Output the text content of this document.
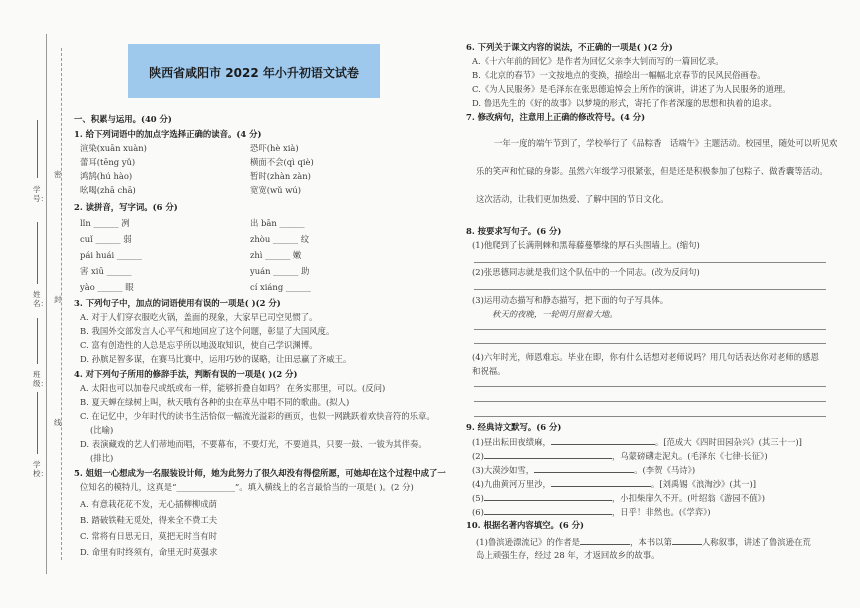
密
封
线
学号：
姓名：
班级：
学校：
陕西省咸阳市 2022 年小升初语文试卷
一、积累与运用。(40 分)
1. 给下列词语中的加点字选择正确的读音。(4 分)
渲染(xuān xuàn)	恐吓(hè xià)
蕾耳(tēng yǔ)	横面不会(qì qiè)
鸿鹄(hú hào)	暂时(zhàn zàn)
吆喝(zhā chā)	宽宽(wǔ wú)
2. 读拼音，写字词。(6 分)
lǐn ______ 冽	出 bān ______
cuǐ ______ 弱	zhòu ______ 纹
pái huái ______	zhì ______ 嫩
害 xiū ______	yuán ______ 助
yào ______ 眼	cí xiáng ______
3. 下列句子中，加点的词语使用有误的一项是( )(2 分)
A. 对于人们穿衣服吃火锅，盖面的现象，大家早已司空见惯了。
B. 我国外交部发言人心平气和地回应了这个问题，彰显了大国风度。
C. 富有创造性的人总是忘乎所以地汲取知识，使自己学识渊博。
D. 孙膑足智多谋，在赛马比赛中，运用巧妙的谋略，让田忌赢了齐威王。
4. 对下列句子所用的修辞手法，判断有误的一项是( )(2 分)
A. 太阳也可以加卷尺或纸或布一样，能够折叠自如吗？ 在务实那里，可以。(反问)
B. 夏天蝉在绿树上叫，秋天哦有各种的虫在草丛中唱不同的歌曲。(拟人)
C. 在记忆中，少年时代的读书生活恰似一幅流光溢彩的画页，也似一网跳跃着欢快音符的乐章。
(比喻)
D. 表演藏戏的艺人们蒂地而唱，不要幕布，不要灯光，不要道具，只要一鼓、一钹为其伴奏。
(排比)
5. 姐姐一心想成为一名服装设计师，她为此努力了很久却没有得偿所愿，可她却在这个过程中成了一
位知名的模特儿，这真是“______________”。填入横线上的名言最恰当的一项是( )。(2 分)
A. 有意栽花花不发，无心插柳柳成荫
B. 踏破铁鞋无觅处，得来全不费工夫
C. 常将有日思无日，莫把无时当有时
D. 命里有时终须有，命里无时莫强求
6. 下列关于课文内容的说法，不正确的一项是( )(2 分)
A.《十六年前的回忆》是作者为回忆父亲李大钊而写的一篇回忆录。
B.《北京的春节》一文按地点的变换，描绘出一幅幅北京春节的民风民俗画卷。
C.《为人民服务》是毛泽东在张思德追悼会上所作的演讲，讲述了为人民服务的道理。
D. 鲁迅先生的《好的故事》以梦境的形式，寄托了作者深邃的思想和执着的追求。
7. 修改病句，注意用上正确的修改符号。(4 分)
一年一度的端午节到了，学校举行了《品粽香　话端午》主题活动。校园里，随处可以听见欢
乐的笑声和忙碌的身影。虽然六年级学习很紧张，但是还是积极参加了包粽子、做香囊等活动。
这次活动，让我们更加热爱、了解中国的节日文化。
8. 按要求写句子。(6 分)
(1)他爬到了长满荆棘和黑莓藤蔓攀缘的厚石头围墙上。(缩句)
(2)张思德同志就是我们这个队伍中的一个同志。(改为反问句)
(3)运用动态描写和静态描写，把下面的句子写具体。
秋天的夜晚，一轮明月照着大地。
(4)六年时光，师恩难忘。毕业在即，你有什么话想对老师说吗？用几句话表达你对老师的感恩
和祝福。
9. 经典诗文默写。(6 分)
(1)昼出耘田夜绩麻，	。[范成大《四时田园杂兴》(其三十一)]
(2)	，乌蒙磅礴走泥丸。(毛泽东《七律·长征》)
(3)大漠沙如雪，	。(李贺《马诗》)
(4)九曲黄河万里沙，	。[刘禹锡《浪淘沙》(其一)]
(5)	，小扣柴扉久不开。(叶绍翁《游园不值》)
(6)	，日乎！非然也。(《学弈》)
10. 根据名著内容填空。(6 分)
(1)鲁滨逊漂流记》的作者是	，本书以第	人称叙事，讲述了鲁滨逊在荒
岛上顽强生存，经过 28 年，才返回故乡的故事。
